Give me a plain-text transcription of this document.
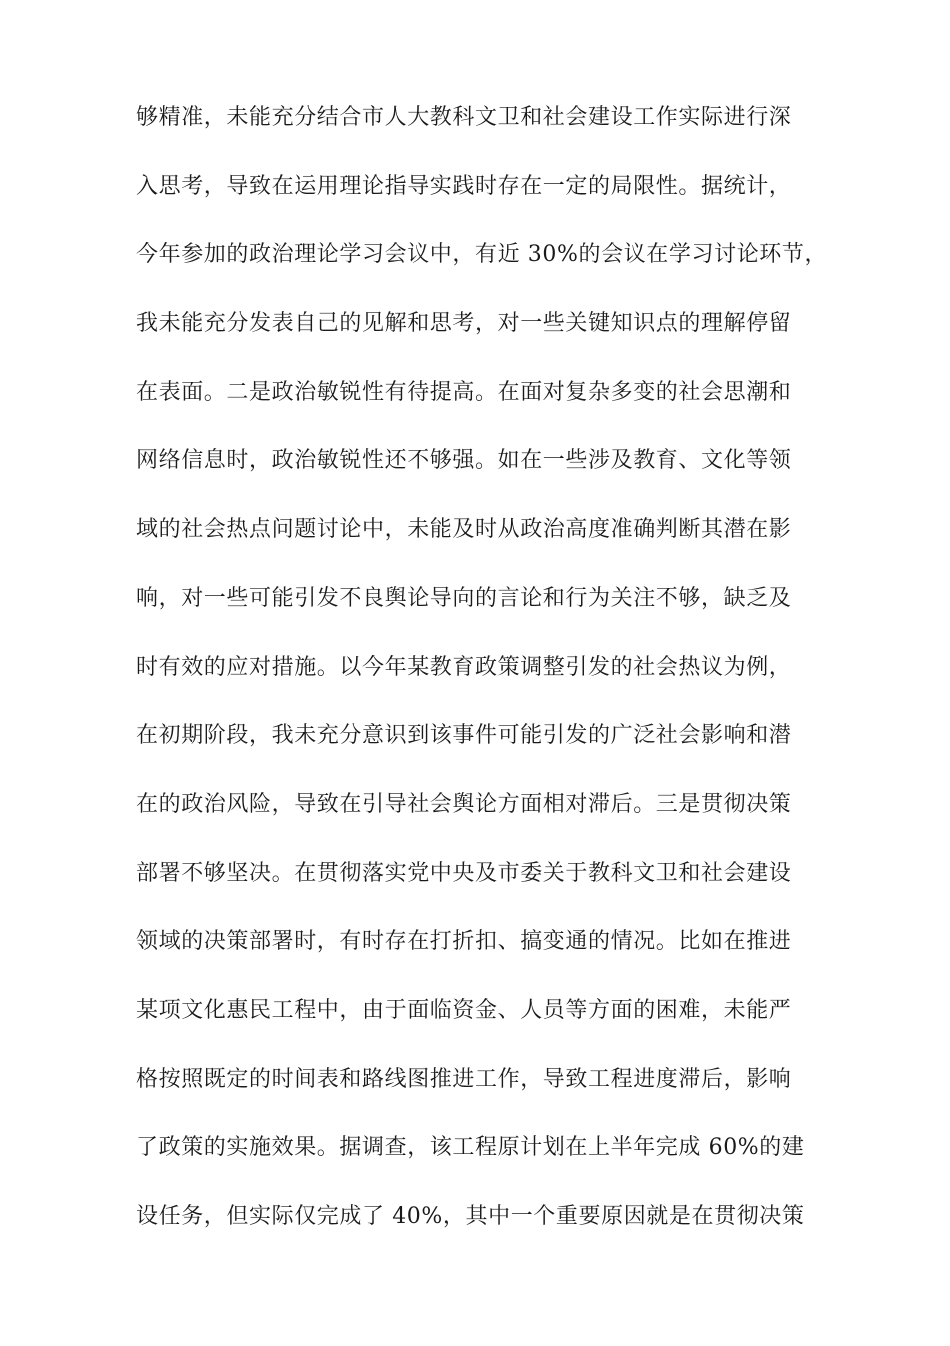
够精准，未能充分结合市人大教科文卫和社会建设工作实际进行深
入思考，导致在运用理论指导实践时存在一定的局限性。据统计，
今年参加的政治理论学习会议中，有近 30%的会议在学习讨论环节，
我未能充分发表自己的见解和思考，对一些关键知识点的理解停留
在表面。二是政治敏锐性有待提高。在面对复杂多变的社会思潮和
网络信息时，政治敏锐性还不够强。如在一些涉及教育、文化等领
域的社会热点问题讨论中，未能及时从政治高度准确判断其潜在影
响，对一些可能引发不良舆论导向的言论和行为关注不够，缺乏及
时有效的应对措施。以今年某教育政策调整引发的社会热议为例，
在初期阶段，我未充分意识到该事件可能引发的广泛社会影响和潜
在的政治风险，导致在引导社会舆论方面相对滞后。三是贯彻决策
部署不够坚决。在贯彻落实党中央及市委关于教科文卫和社会建设
领域的决策部署时，有时存在打折扣、搞变通的情况。比如在推进
某项文化惠民工程中，由于面临资金、人员等方面的困难，未能严
格按照既定的时间表和路线图推进工作，导致工程进度滞后，影响
了政策的实施效果。据调查，该工程原计划在上半年完成 60%的建
设任务，但实际仅完成了 40%，其中一个重要原因就是在贯彻决策
